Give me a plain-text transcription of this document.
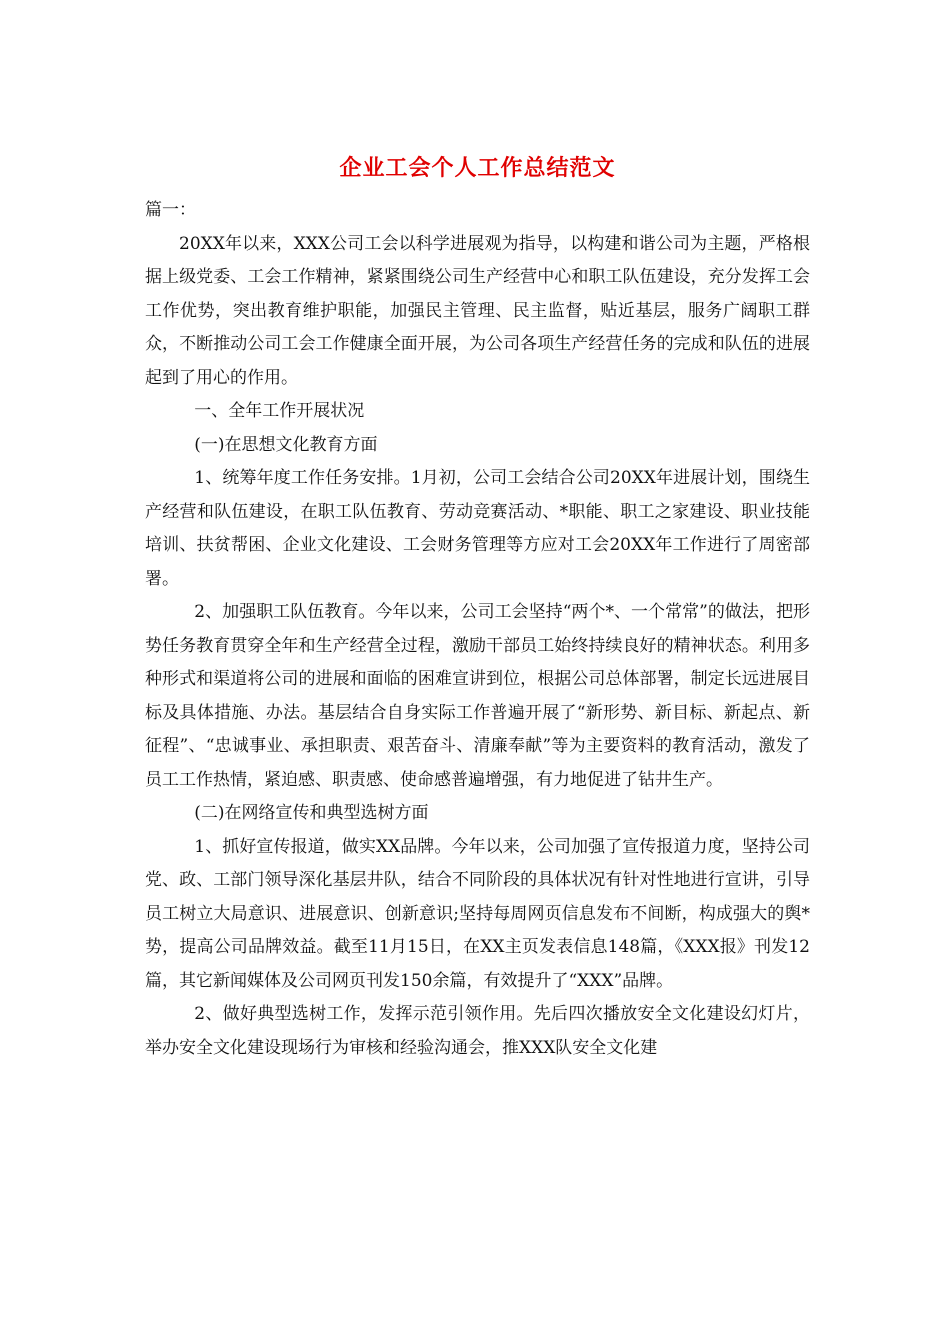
企业工会个人工作总结范文

篇一：

20XX年以来，XXX公司工会以科学进展观为指导，以构建和谐公司为主题，严格根据上级党委、工会工作精神，紧紧围绕公司生产经营中心和职工队伍建设，充分发挥工会工作优势，突出教育维护职能，加强民主管理、民主监督，贴近基层，服务广阔职工群众，不断推动公司工会工作健康全面开展，为公司各项生产经营任务的完成和队伍的进展起到了用心的作用。

一、全年工作开展状况

(一)在思想文化教育方面

1、统筹年度工作任务安排。1月初，公司工会结合公司20XX年进展计划，围绕生产经营和队伍建设，在职工队伍教育、劳动竞赛活动、*职能、职工之家建设、职业技能培训、扶贫帮困、企业文化建设、工会财务管理等方应对工会20XX年工作进行了周密部署。

2、加强职工队伍教育。今年以来，公司工会坚持“两个*、一个常常”的做法，把形势任务教育贯穿全年和生产经营全过程，激励干部员工始终持续良好的精神状态。利用多种形式和渠道将公司的进展和面临的困难宣讲到位，根据公司总体部署，制定长远进展目标及具体措施、办法。基层结合自身实际工作普遍开展了“新形势、新目标、新起点、新征程”、“忠诚事业、承担职责、艰苦奋斗、清廉奉献”等为主要资料的教育活动，激发了员工工作热情，紧迫感、职责感、使命感普遍增强，有力地促进了钻井生产。

(二)在网络宣传和典型选树方面

1、抓好宣传报道，做实XX品牌。今年以来，公司加强了宣传报道力度，坚持公司党、政、工部门领导深化基层井队，结合不同阶段的具体状况有针对性地进行宣讲，引导员工树立大局意识、进展意识、创新意识;坚持每周网页信息发布不间断，构成强大的舆*势，提高公司品牌效益。截至11月15日，在XX主页发表信息148篇，《XXX报》刊发12篇，其它新闻媒体及公司网页刊发150余篇，有效提升了“XXX”品牌。

2、做好典型选树工作，发挥示范引领作用。先后四次播放安全文化建设幻灯片，举办安全文化建设现场行为审核和经验沟通会，推XXX队安全文化建
